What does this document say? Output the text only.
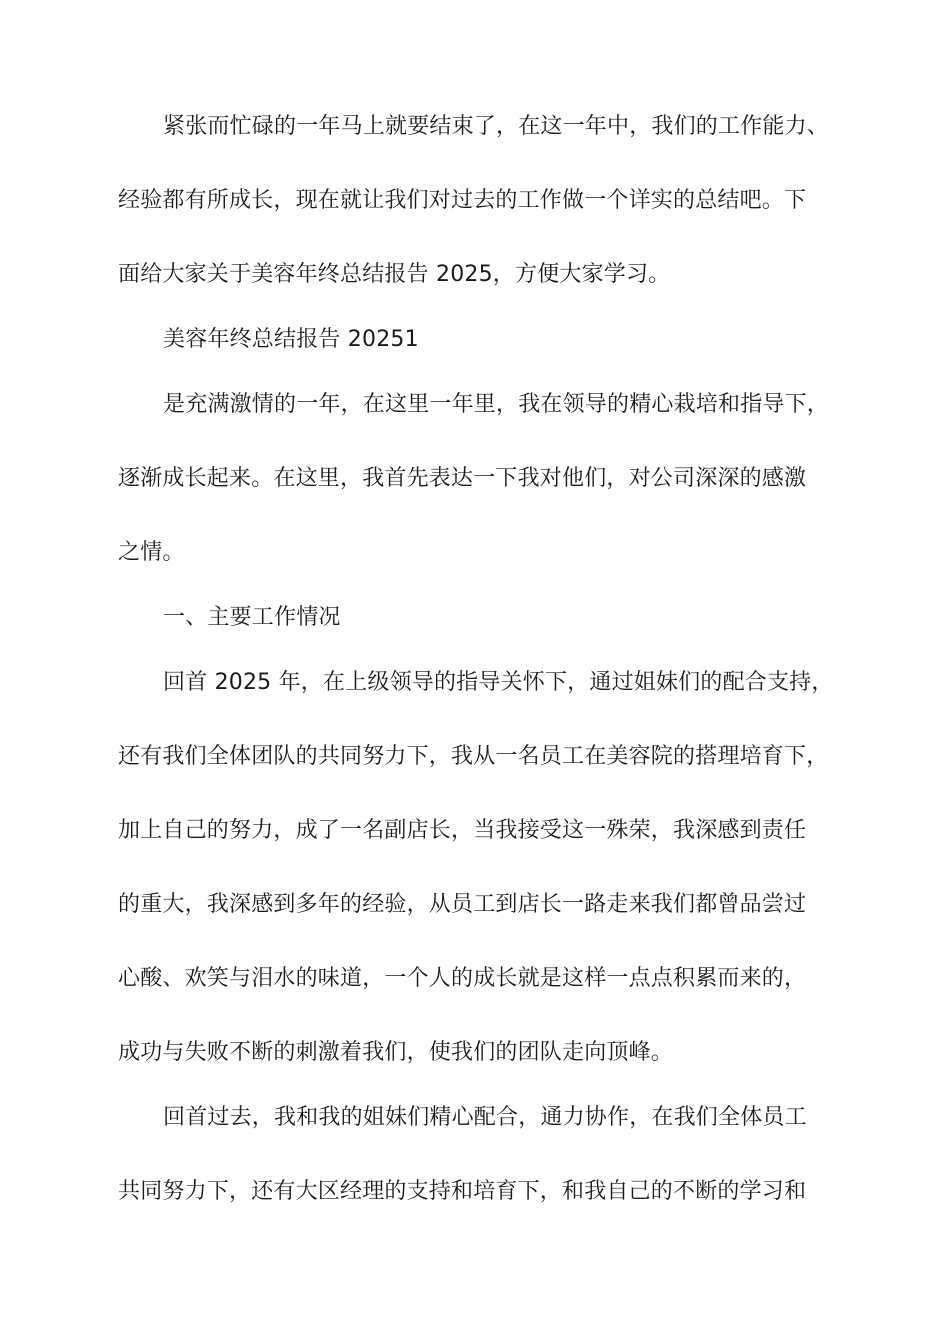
紧张而忙碌的一年马上就要结束了，在这一年中，我们的工作能力、
经验都有所成长，现在就让我们对过去的工作做一个详实的总结吧。下
面给大家关于美容年终总结报告 2025，方便大家学习。
美容年终总结报告 20251
是充满激情的一年，在这里一年里，我在领导的精心栽培和指导下，
逐渐成长起来。在这里，我首先表达一下我对他们，对公司深深的感激
之情。
一、主要工作情况
回首 2025 年，在上级领导的指导关怀下，通过姐妹们的配合支持，
还有我们全体团队的共同努力下，我从一名员工在美容院的搭理培育下，
加上自己的努力，成了一名副店长，当我接受这一殊荣，我深感到责任
的重大，我深感到多年的经验，从员工到店长一路走来我们都曾品尝过
心酸、欢笑与泪水的味道，一个人的成长就是这样一点点积累而来的，
成功与失败不断的刺激着我们，使我们的团队走向顶峰。
回首过去，我和我的姐妹们精心配合，通力协作，在我们全体员工
共同努力下，还有大区经理的支持和培育下，和我自己的不断的学习和
